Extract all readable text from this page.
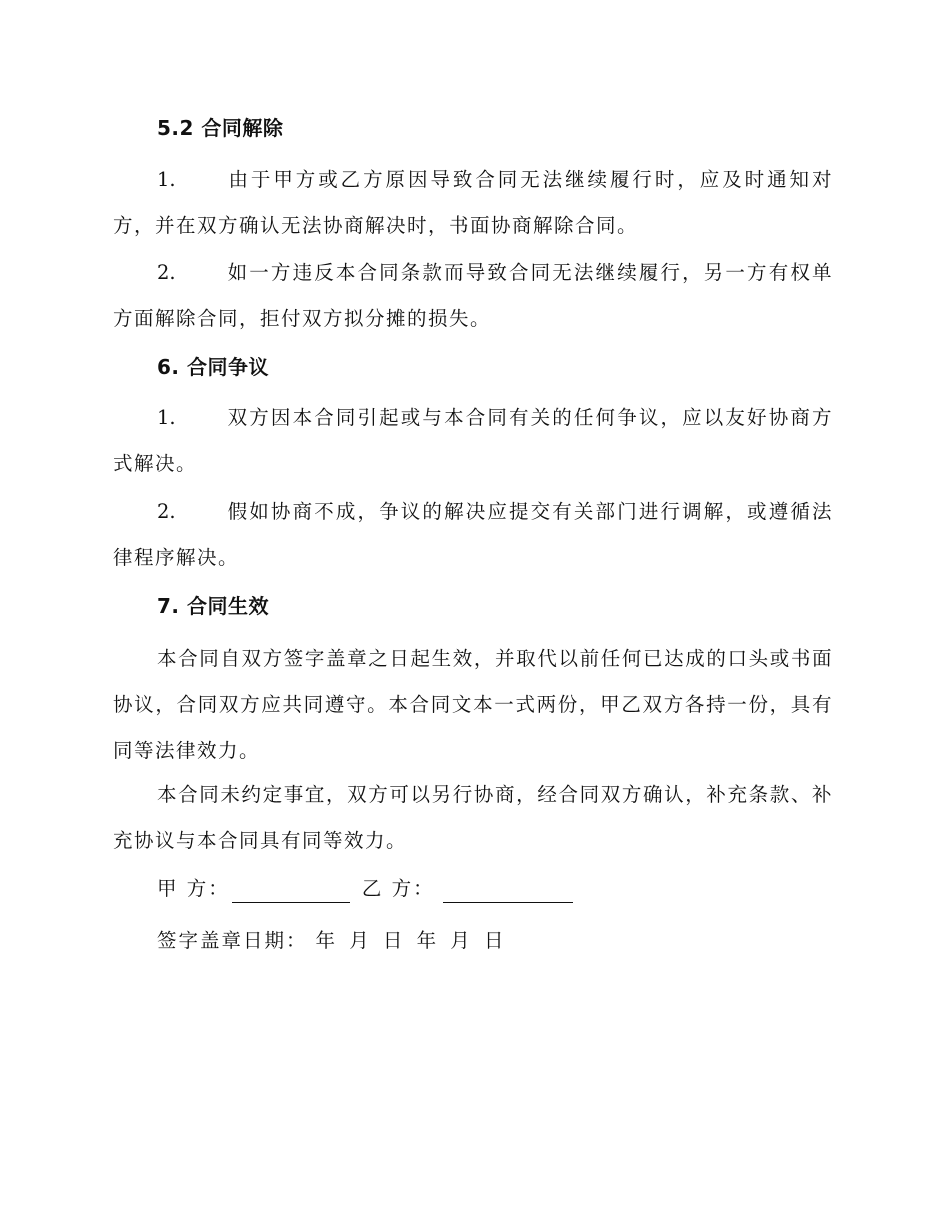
5.2 合同解除
1.	由于甲方或乙方原因导致合同无法继续履行时，应及时通知对方，并在双方确认无法协商解决时，书面协商解除合同。
2.	如一方违反本合同条款而导致合同无法继续履行，另一方有权单方面解除合同，拒付双方拟分摊的损失。
6. 合同争议
1.	双方因本合同引起或与本合同有关的任何争议，应以友好协商方式解决。
2.	假如协商不成，争议的解决应提交有关部门进行调解，或遵循法律程序解决。
7. 合同生效
本合同自双方签字盖章之日起生效，并取代以前任何已达成的口头或书面协议，合同双方应共同遵守。本合同文本一式两份，甲乙双方各持一份，具有同等法律效力。
本合同未约定事宜，双方可以另行协商，经合同双方确认，补充条款、补充协议与本合同具有同等效力。
甲 方：	乙 方：
签字盖章日期： 年 月 日 年 月 日
